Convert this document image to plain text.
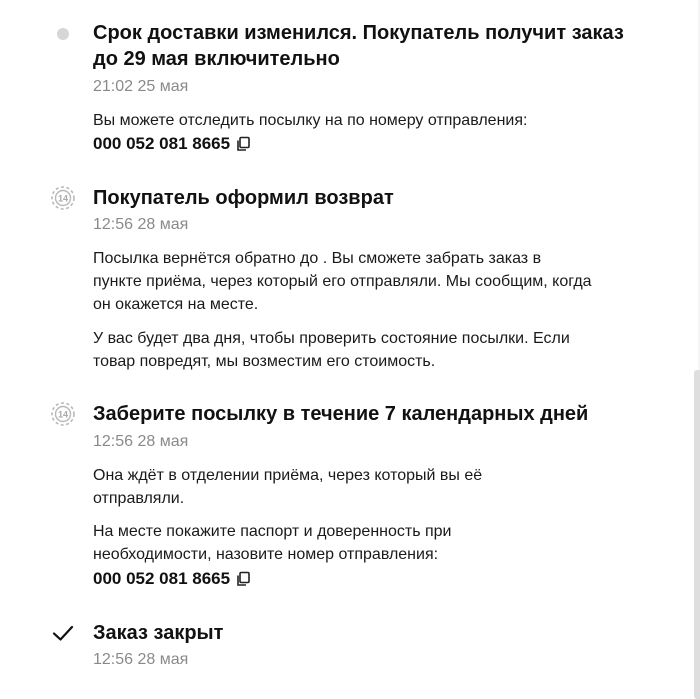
Срок доставки изменился. Покупатель получит заказ до 29 мая включительно
21:02 25 мая

Вы можете отследить посылку на по номеру отправления:

000 052 081 8665
14 Покупатель оформил возврат
12:56 28 мая

Посылка вернётся обратно до . Вы сможете забрать заказ в пункте приёма, через который его отправляли. Мы сообщим, когда он окажется на месте.

У вас будет два дня, чтобы проверить состояние посылки. Если товар повредят, мы возместим его стоимость.

14 Заберите посылку в течение 7 календарных дней
12:56 28 мая

Она ждёт в отделении приёма, через который вы её отправляли.

На месте покажите паспорт и доверенность при необходимости, назовите номер отправления:

000 052 081 8665
Заказ закрыт
12:56 28 мая
